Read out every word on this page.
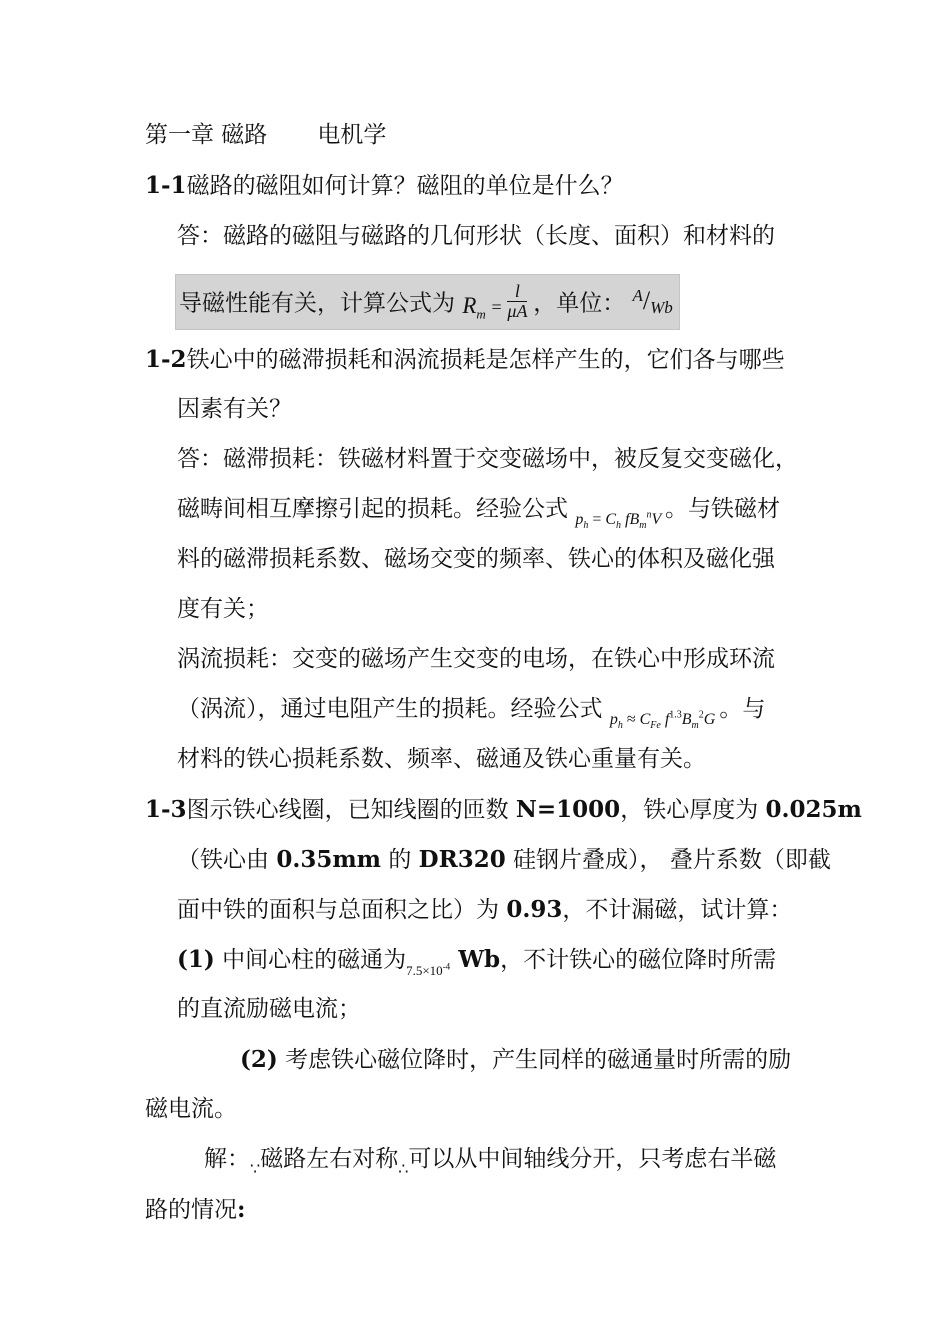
第一章 磁路 电机学
1-1磁路的磁阻如何计算？磁阻的单位是什么？
答：磁路的磁阻与磁路的几何形状（长度、面积）和材料的
导磁性能有关，计算公式为 $R_m = \frac{l}{\mu A}$ ，单位： A/Wb
1-2铁心中的磁滞损耗和涡流损耗是怎样产生的，它们各与哪些
因素有关？
答：磁滞损耗：铁磁材料置于交变磁场中，被反复交变磁化，
磁畴间相互摩擦引起的损耗。经验公式 $_{p_h = C_h fB_m^nV}$ 。与铁磁材
料的磁滞损耗系数、磁场交变的频率、铁心的体积及磁化强
度有关；
涡流损耗：交变的磁场产生交变的电场，在铁心中形成环流
（涡流），通过电阻产生的损耗。经验公式 $_{p_h \approx C_{Fe} f^{1.3}B_m^2G}$ 。与
材料的铁心损耗系数、频率、磁通及铁心重量有关。
1-3图示铁心线圈，已知线圈的匝数 N=1000，铁心厚度为 0.025m
（铁心由 0.35mm 的 DR320 硅钢片叠成）， 叠片系数（即截
面中铁的面积与总面积之比）为 0.93，不计漏磁，试计算：
(1) 中间心柱的磁通为$_{7.5\times 10^{-4}}$ Wb，不计铁心的磁位降时所需
的直流励磁电流；
(2) 考虑铁心磁位降时，产生同样的磁通量时所需的励
磁电流。
解：$_\because$磁路左右对称$_\therefore$可以从中间轴线分开，只考虑右半磁
路的情况:
